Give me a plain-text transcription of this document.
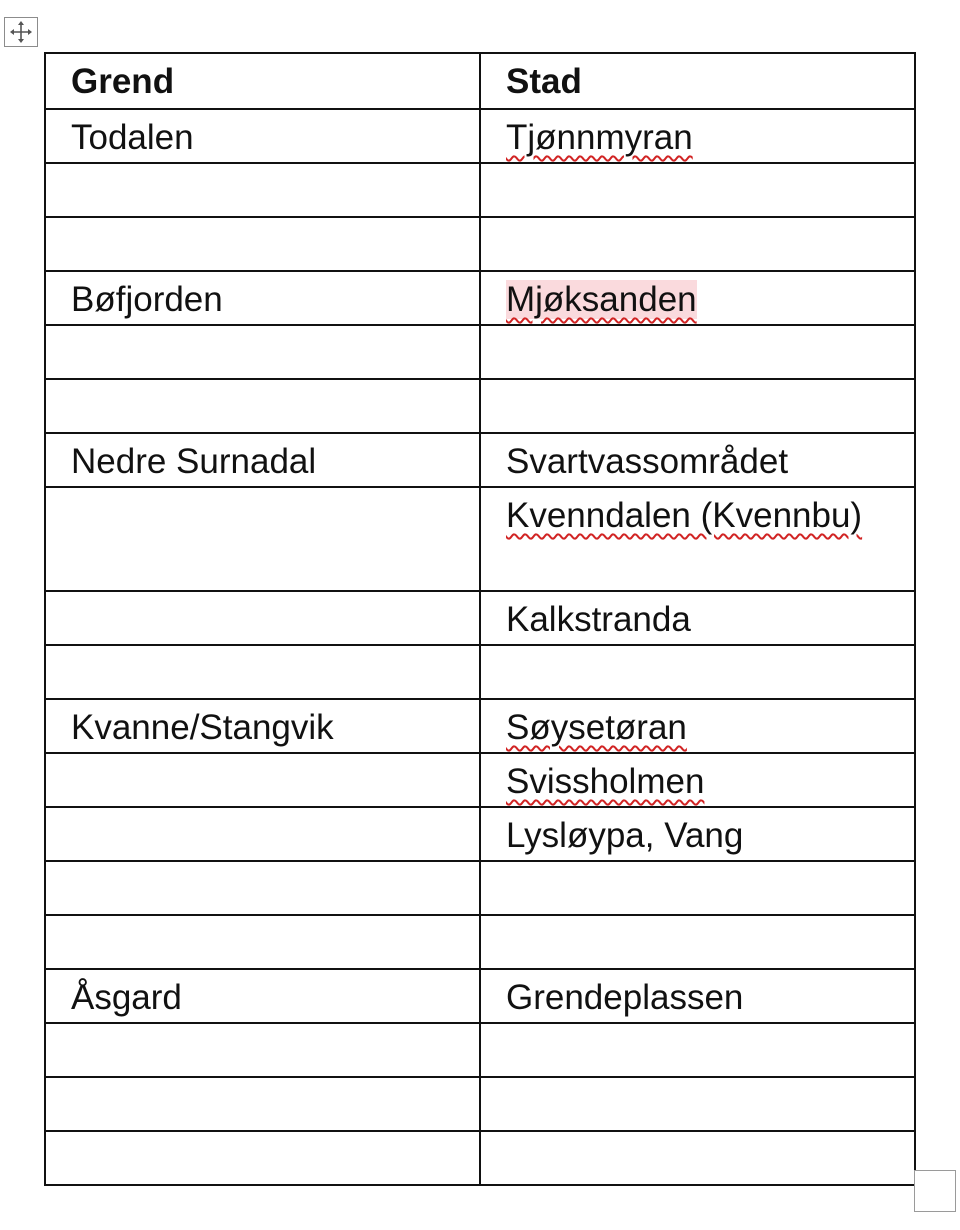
Grend	Stad
Todalen	Tjønnmyran

Bøfjorden	Mjøksanden

Nedre Surnadal	Svartvassområdet
	Kvenndalen (Kvennbu)
	Kalkstranda

Kvanne/Stangvik	Søysetøran
	Svissholmen
	Lysløypa, Vang

Åsgard	Grendeplassen
